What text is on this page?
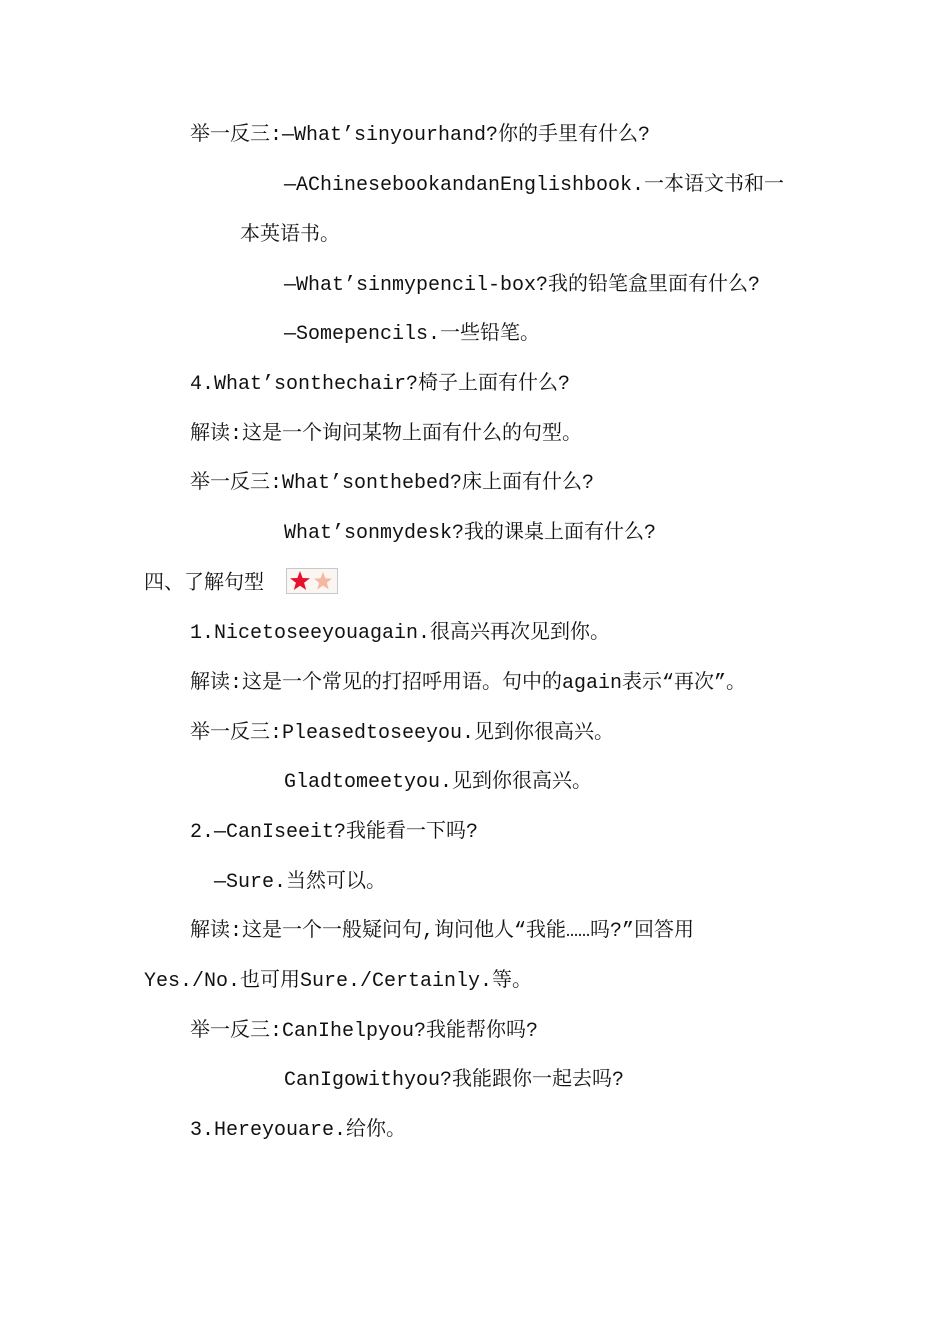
举一反三:—What’sinyourhand?你的手里有什么?
—AChinesebookandanEnglishbook.一本语文书和一
本英语书。
—What’sinmypencil-box?我的铅笔盒里面有什么?
—Somepencils.一些铅笔。
4.What’sonthechair?椅子上面有什么?
解读:这是一个询问某物上面有什么的句型。
举一反三:What’sonthebed?床上面有什么?
What’sonmydesk?我的课桌上面有什么?
四、了解句型
1.Nicetoseeyouagain.很高兴再次见到你。
解读:这是一个常见的打招呼用语。句中的again表示“再次”。
举一反三:Pleasedtoseeyou.见到你很高兴。
Gladtomeetyou.见到你很高兴。
2.—CanIseeit?我能看一下吗?
—Sure.当然可以。
解读:这是一个一般疑问句,询问他人“我能……吗?”回答用
Yes./No.也可用Sure./Certainly.等。
举一反三:CanIhelpyou?我能帮你吗?
CanIgowithyou?我能跟你一起去吗?
3.Hereyouare.给你。
